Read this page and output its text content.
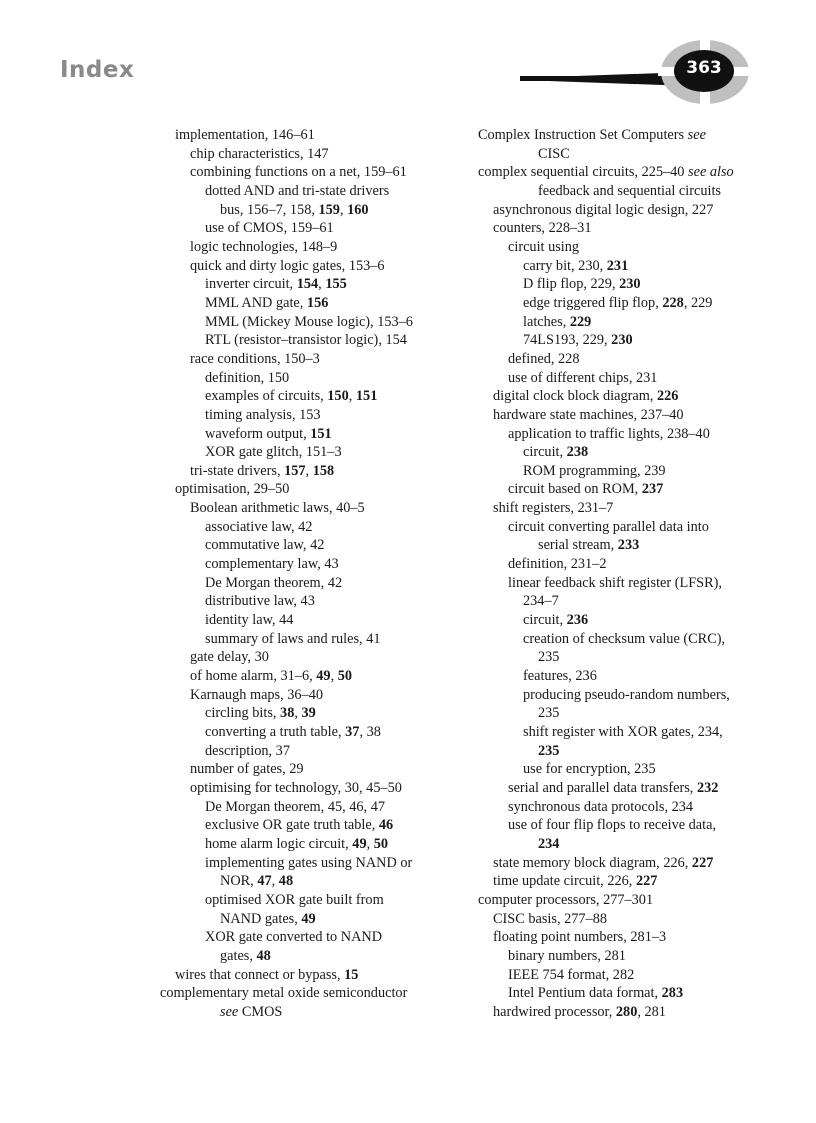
Index	363
implementation, 146–61
chip characteristics, 147
combining functions on a net, 159–61
dotted AND and tri-state drivers
bus, 156–7, 158, 159, 160
use of CMOS, 159–61
logic technologies, 148–9
quick and dirty logic gates, 153–6
inverter circuit, 154, 155
MML AND gate, 156
MML (Mickey Mouse logic), 153–6
RTL (resistor–transistor logic), 154
race conditions, 150–3
definition, 150
examples of circuits, 150, 151
timing analysis, 153
waveform output, 151
XOR gate glitch, 151–3
tri-state drivers, 157, 158
optimisation, 29–50
Boolean arithmetic laws, 40–5
associative law, 42
commutative law, 42
complementary law, 43
De Morgan theorem, 42
distributive law, 43
identity law, 44
summary of laws and rules, 41
gate delay, 30
of home alarm, 31–6, 49, 50
Karnaugh maps, 36–40
circling bits, 38, 39
converting a truth table, 37, 38
description, 37
number of gates, 29
optimising for technology, 30, 45–50
De Morgan theorem, 45, 46, 47
exclusive OR gate truth table, 46
home alarm logic circuit, 49, 50
implementing gates using NAND or
NOR, 47, 48
optimised XOR gate built from
NAND gates, 49
XOR gate converted to NAND
gates, 48
wires that connect or bypass, 15
complementary metal oxide semiconductor
see CMOS
Complex Instruction Set Computers see
CISC
complex sequential circuits, 225–40 see also
feedback and sequential circuits
asynchronous digital logic design, 227
counters, 228–31
circuit using
carry bit, 230, 231
D flip flop, 229, 230
edge triggered flip flop, 228, 229
latches, 229
74LS193, 229, 230
defined, 228
use of different chips, 231
digital clock block diagram, 226
hardware state machines, 237–40
application to traffic lights, 238–40
circuit, 238
ROM programming, 239
circuit based on ROM, 237
shift registers, 231–7
circuit converting parallel data into
serial stream, 233
definition, 231–2
linear feedback shift register (LFSR),
234–7
circuit, 236
creation of checksum value (CRC),
235
features, 236
producing pseudo-random numbers,
235
shift register with XOR gates, 234,
235
use for encryption, 235
serial and parallel data transfers, 232
synchronous data protocols, 234
use of four flip flops to receive data,
234
state memory block diagram, 226, 227
time update circuit, 226, 227
computer processors, 277–301
CISC basis, 277–88
floating point numbers, 281–3
binary numbers, 281
IEEE 754 format, 282
Intel Pentium data format, 283
hardwired processor, 280, 281
